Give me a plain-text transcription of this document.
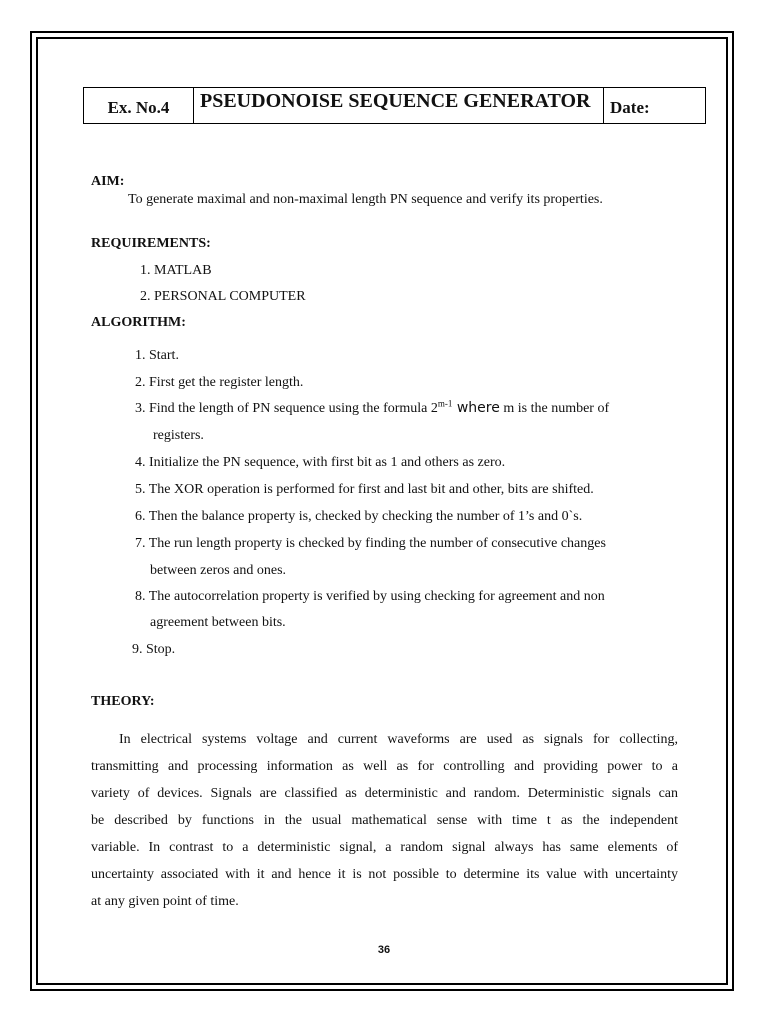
Ex. No.4	PSEUDONOISE SEQUENCE GENERATOR	Date:
AIM:
To generate maximal and non-maximal length PN sequence and verify its properties.
REQUIREMENTS:
1. MATLAB
2. PERSONAL COMPUTER
ALGORITHM:
1. Start.
2. First get the register length.
3. Find the length of PN sequence using the formula 2$^{m-1}$ where m is the number of
registers.
4. Initialize the PN sequence, with first bit as 1 and others as zero.
5. The XOR operation is performed for first and last bit and other, bits are shifted.
6. Then the balance property is, checked by checking the number of 1’s and 0`s.
7. The run length property is checked by finding the number of consecutive changes
between zeros and ones.
8. The autocorrelation property is verified by using checking for agreement and non
agreement between bits.
9. Stop.
THEORY:
In electrical systems voltage and current waveforms are used as signals for collecting,
transmitting and processing information as well as for controlling and providing power to a
variety of devices. Signals are classified as deterministic and random. Deterministic signals can
be described by functions in the usual mathematical sense with time t as the independent
variable. In contrast to a deterministic signal, a random signal always has same elements of
uncertainty associated with it and hence it is not possible to determine its value with uncertainty
at any given point of time.
36
